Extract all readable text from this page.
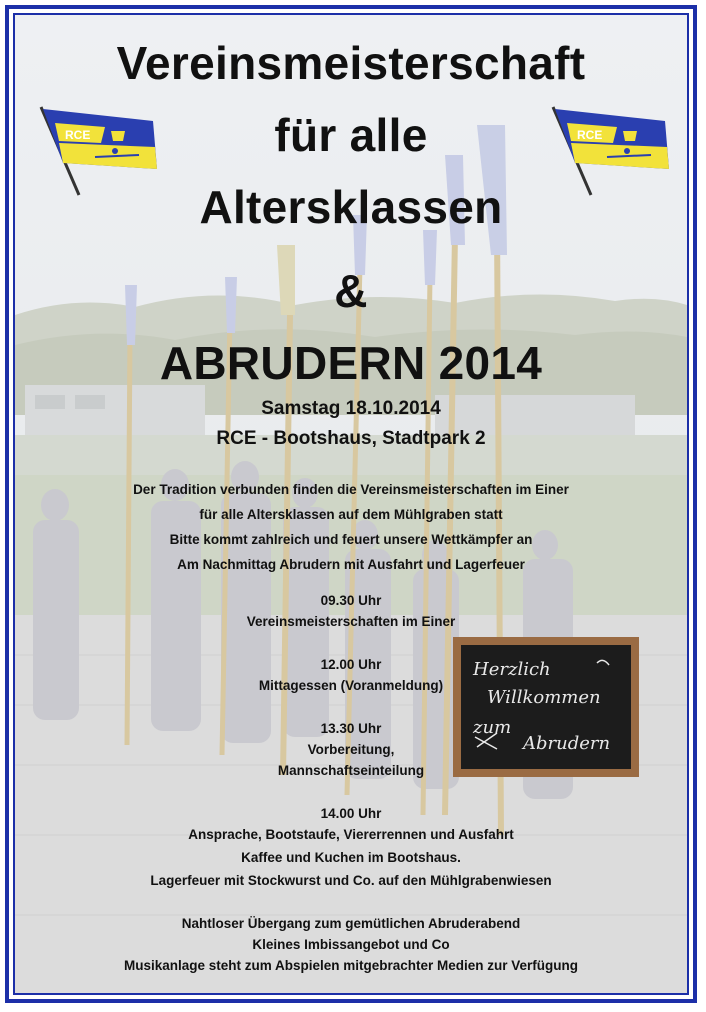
RCE	RCE
Herzlich
Willkommen
zum
Abrudern
Vereinsmeisterschaft
für alle
Altersklassen
&
ABRUDERN 2014
Samstag 18.10.2014
RCE - Bootshaus, Stadtpark 2
Der Tradition verbunden finden die Vereinsmeisterschaften im Einer
für alle Altersklassen auf dem Mühlgraben statt
Bitte kommt zahlreich und feuert unsere Wettkämpfer an
Am Nachmittag Abrudern mit Ausfahrt und Lagerfeuer
09.30 Uhr
Vereinsmeisterschaften im Einer
12.00 Uhr
Mittagessen (Voranmeldung)
13.30 Uhr
Vorbereitung,
Mannschaftseinteilung
14.00 Uhr
Ansprache, Bootstaufe, Viererrennen und Ausfahrt
Kaffee und Kuchen im Bootshaus.
Lagerfeuer mit Stockwurst und Co. auf den Mühlgrabenwiesen
Nahtloser Übergang zum gemütlichen Abruderabend
Kleines Imbissangebot und Co
Musikanlage steht zum Abspielen mitgebrachter Medien zur Verfügung
